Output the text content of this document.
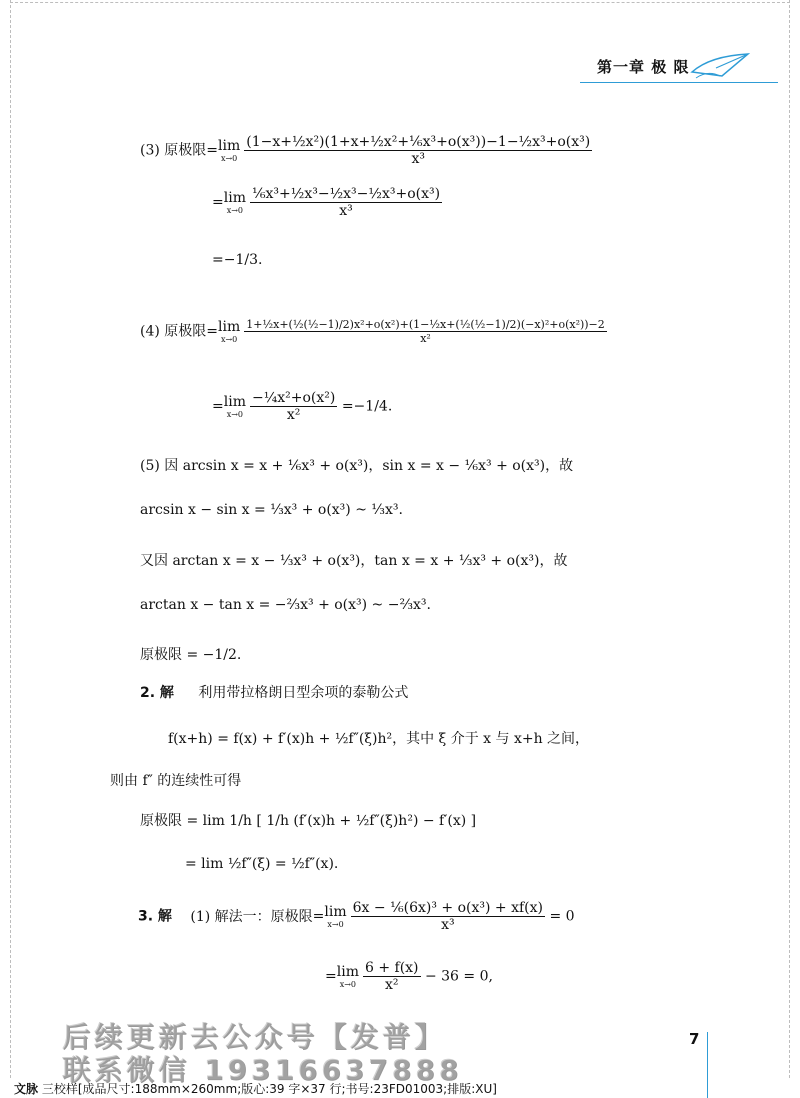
第一章 极 限
(3) 原极限= lim
$x\to 0 \frac{\text{(1−x+½x²)(1+x+½x²+⅙x³+o(x³))−1−½x³+o(x³)}}{\text{x³}}$
= lim
$x\to 0 \frac{\text{⅙x³+½x³−½x³−½x³+o(x³)}}{\text{x³}}$
=−1/3.
(4) 原极限= lim
$x\to 0 \frac{\text{1+½x+(½(½−1)/2)x²+o(x²)+(1−½x+(½(½−1)/2)(−x)²+o(x²))−2}}{\text{x²}}$
= lim
$x\to 0 \frac{\text{−¼x²+o(x²)}}{\text{x²}} =-1/4$.
(5) 因 arcsin x = x + ⅙x³ + o(x³)，sin x = x − ⅙x³ + o(x³)，故
arcsin x − sin x = ⅓x³ + o(x³) ~ ⅓x³.
又因 arctan x = x − ⅓x³ + o(x³)，tan x = x + ⅓x³ + o(x³)，故
arctan x − tan x = −⅔x³ + o(x³) ~ −⅔x³.
原极限 = −1/2.
2. 解 利用带拉格朗日型余项的泰勒公式
f(x+h) = f(x) + f′(x)h + ½f″(ξ)h²，其中 ξ 介于 x 与 x+h 之间，
则由 f″ 的连续性可得
原极限 = lim 1/h [ 1/h (f′(x)h + ½f″(ξ)h²) − f′(x) ]
= lim ½f″(ξ) = ½f″(x).
3. 解 (1) 解法一：原极限= lim
$x\to 0 \frac{\text{6x − ⅙(6x)³ + o(x³) + xf(x)}}{\text{x³}} = 0$
= lim
$x\to 0 \frac{6 + f(x)}{\text{x²}} - 36 = 0$,
后续更新去公众号【发普】
联系微信 19316637888
7
文脉 三校样[成品尺寸:188mm×260mm;版心:39 字×37 行;书号:23FD01003;排版:XU]
